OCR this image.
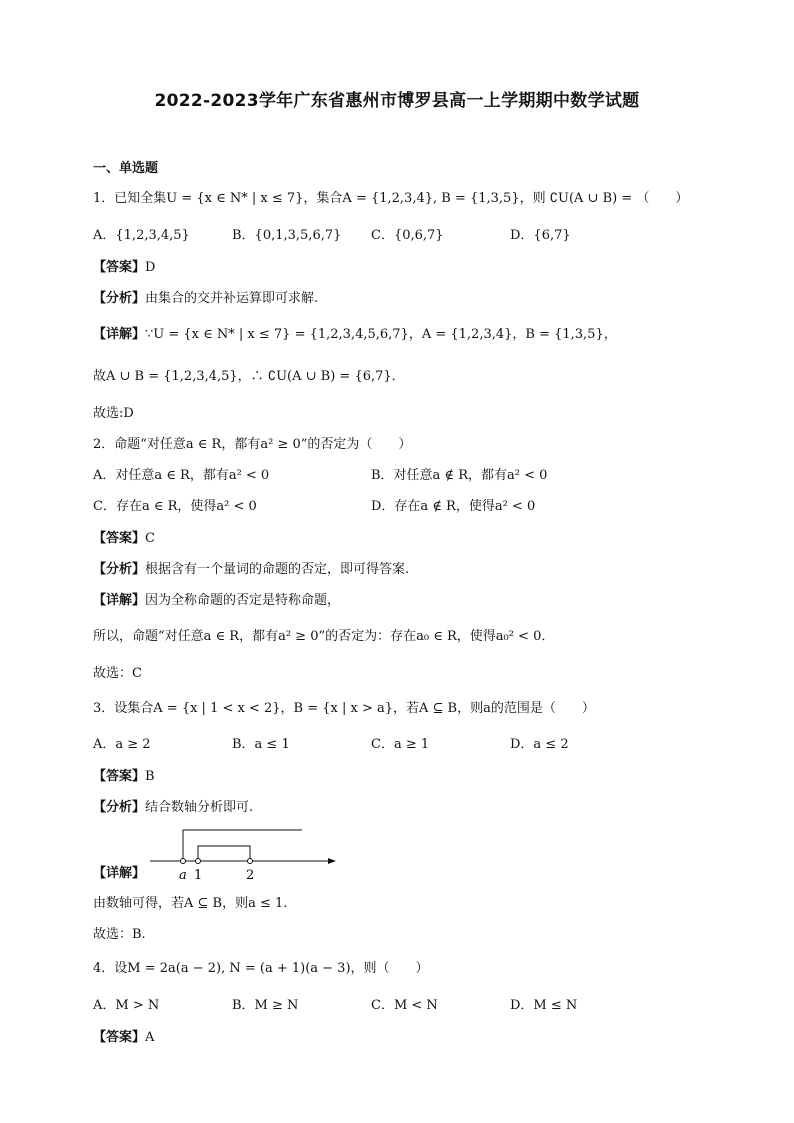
2022-2023学年广东省惠州市博罗县高一上学期期中数学试题
一、单选题
1．已知全集U = {x ∈ N* | x ≤ 7}，集合A = {1,2,3,4}, B = {1,3,5}，则 ∁U(A ∪ B) = （　　）
A．{1,2,3,4,5}	B．{0,1,3,5,6,7} C．{0,6,7}	D．{6,7}
【答案】D
【分析】由集合的交并补运算即可求解.
【详解】∵U = {x ∈ N* | x ≤ 7} = {1,2,3,4,5,6,7}，A = {1,2,3,4}，B = {1,3,5}，
故A ∪ B = {1,2,3,4,5}，∴ ∁U(A ∪ B) = {6,7}．
故选:D
2．命题“对任意a ∈ R，都有a² ≥ 0”的否定为（　　）
A．对任意a ∈ R，都有a² < 0	B．对任意a ∉ R，都有a² < 0
C．存在a ∈ R，使得a² < 0	D．存在a ∉ R，使得a² < 0
【答案】C
【分析】根据含有一个量词的命题的否定，即可得答案.
【详解】因为全称命题的否定是特称命题，
所以，命题“对任意a ∈ R，都有a² ≥ 0”的否定为：存在a₀ ∈ R，使得a₀² < 0．
故选：C
3．设集合A = {x | 1 < x < 2}，B = {x | x > a}，若A ⊆ B，则a的范围是（　　）
A．a ≥ 2	B．a ≤ 1	C．a ≥ 1	D．a ≤ 2
【答案】B
【分析】结合数轴分析即可.
a 1	2
【详解】
由数轴可得，若A ⊆ B，则a ≤ 1.
故选：B.
4．设M = 2a(a − 2), N = (a + 1)(a − 3)，则（　　）
A．M > N	B．M ≥ N	C．M < N	D．M ≤ N
【答案】A
